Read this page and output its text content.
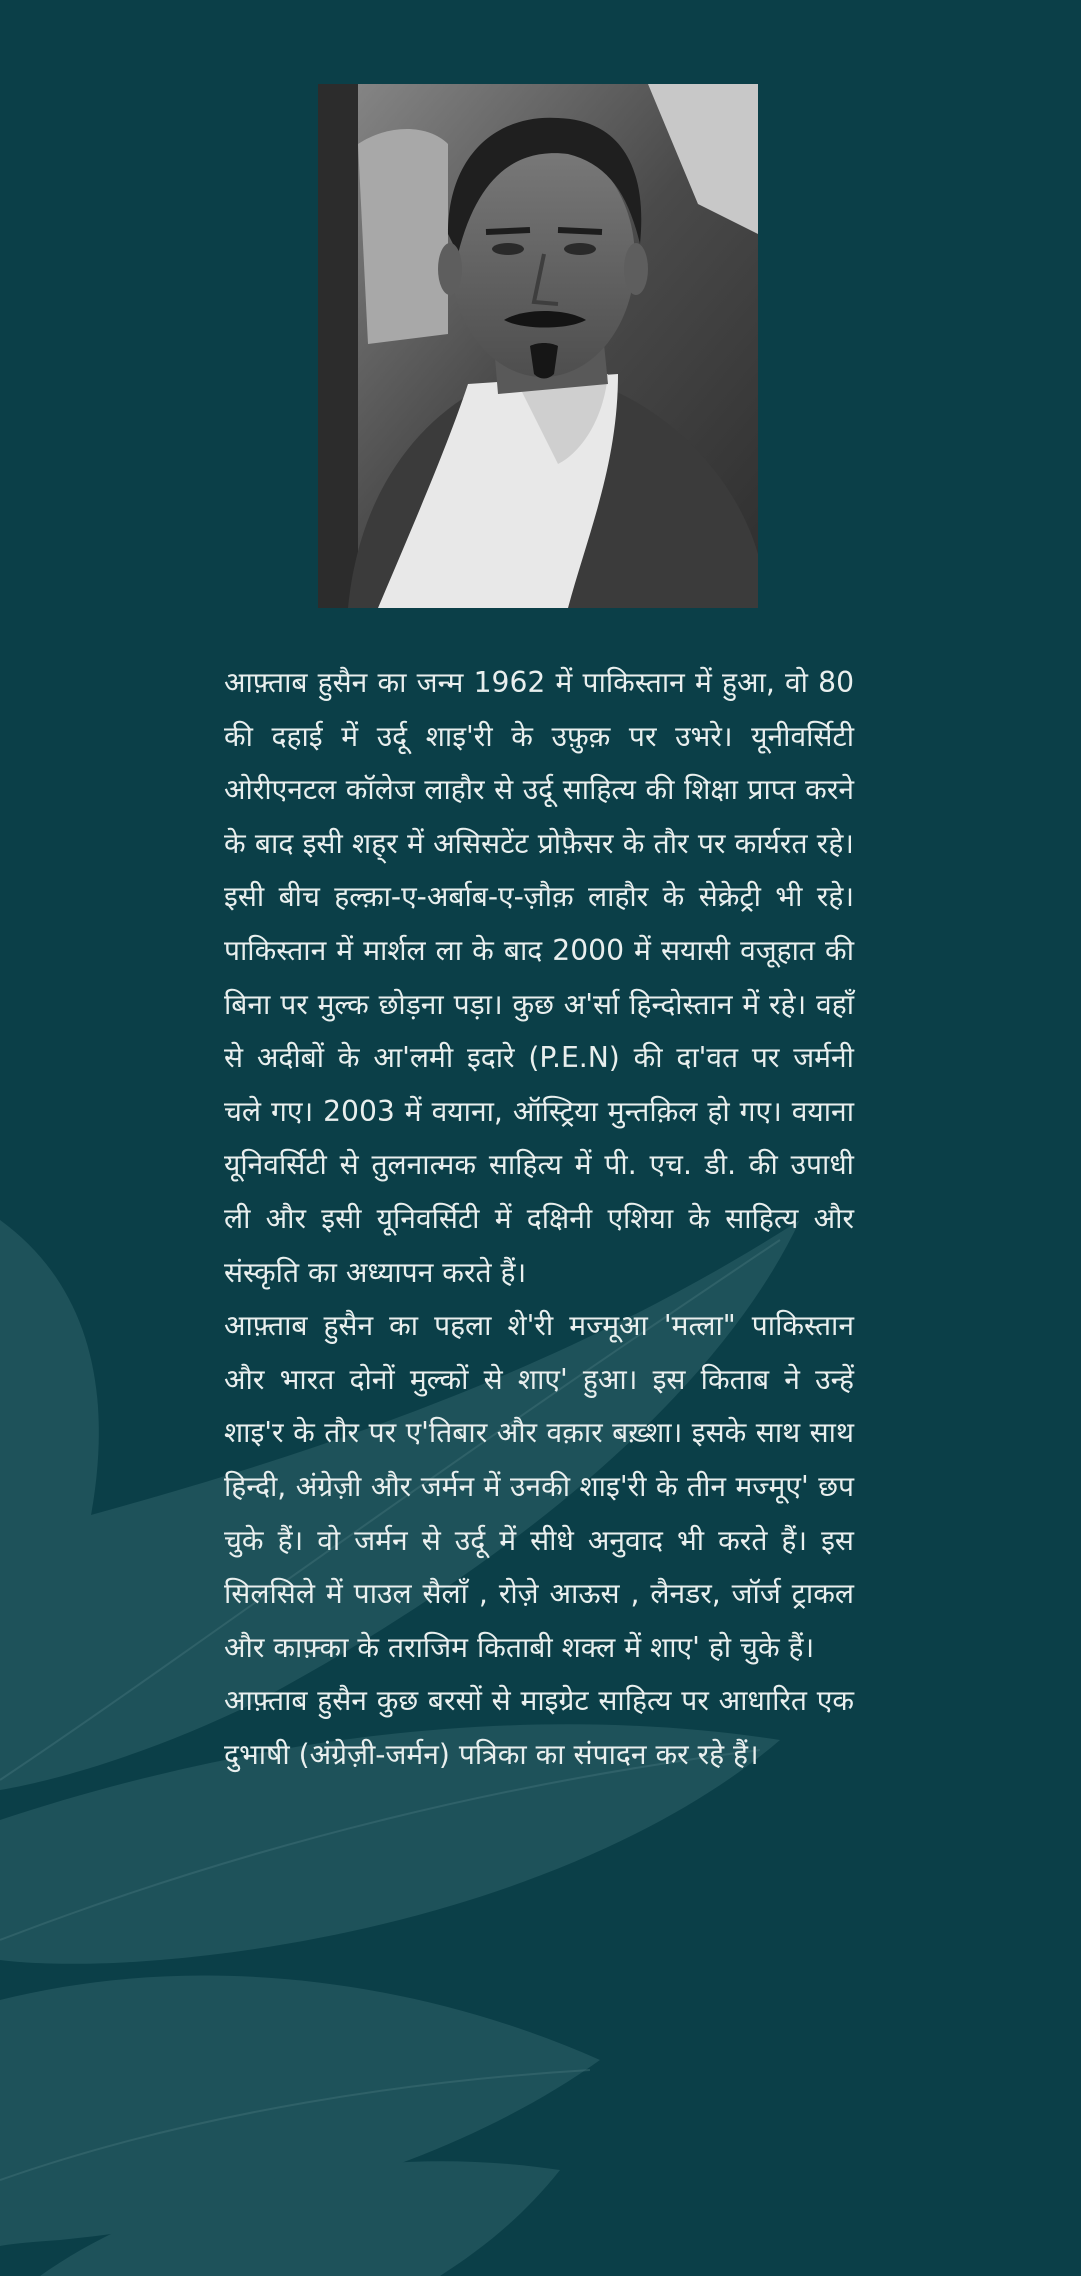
आफ़्ताब हुसैन का जन्म 1962 में पाकिस्तान में हुआ, वो 80 की दहाई में उर्दू शाइ'री के उफ़ुक़ पर उभरे। यूनीवर्सिटी ओरीएनटल कॉलेज लाहौर से उर्दू साहित्य की शिक्षा प्राप्त करने के बाद इसी शह्‌र में असिसटेंट प्रोफ़ैसर के तौर पर कार्यरत रहे। इसी बीच हल्क़ा-ए-अर्बाब-ए-ज़ौक़ लाहौर के सेक्रेट्री भी रहे। पाकिस्तान में मार्शल ला के बाद 2000 में सयासी वजूहात की बिना पर मुल्क छोड़ना पड़ा। कुछ अ'र्सा हिन्दोस्तान में रहे। वहाँ से अदीबों के आ'लमी इदारे (P.E.N) की दा'वत पर जर्मनी चले गए। 2003 में वयाना, ऑस्ट्रिया मुन्तक़िल हो गए। वयाना यूनिवर्सिटी से तुलनात्मक साहित्य में पी. एच. डी. की उपाधी ली और इसी यूनिवर्सिटी में दक्षिनी एशिया के साहित्य और संस्कृति का अध्यापन करते हैं।

आफ़्ताब हुसैन का पहला शे'री मज्मूआ 'मत्ला" पाकिस्तान और भारत दोनों मुल्कों से शाए' हुआ। इस किताब ने उन्हें शाइ'र के तौर पर ए'तिबार और वक़ार बख़्शा। इसके साथ साथ हिन्दी, अंग्रेज़ी और जर्मन में उनकी शाइ'री के तीन मज्मूए' छप चुके हैं। वो जर्मन से उर्दू में सीधे अनुवाद भी करते हैं। इस सिलसिले में पाउल सैलाँ , रोज़े आऊस , लैनडर, जॉर्ज ट्राकल और काफ़्का के तराजिम किताबी शक्ल में शाए' हो चुके हैं।

आफ़्ताब हुसैन कुछ बरसों से माइग्रेट साहित्य पर आधारित एक दुभाषी (अंग्रेज़ी-जर्मन) पत्रिका का संपादन कर रहे हैं।
